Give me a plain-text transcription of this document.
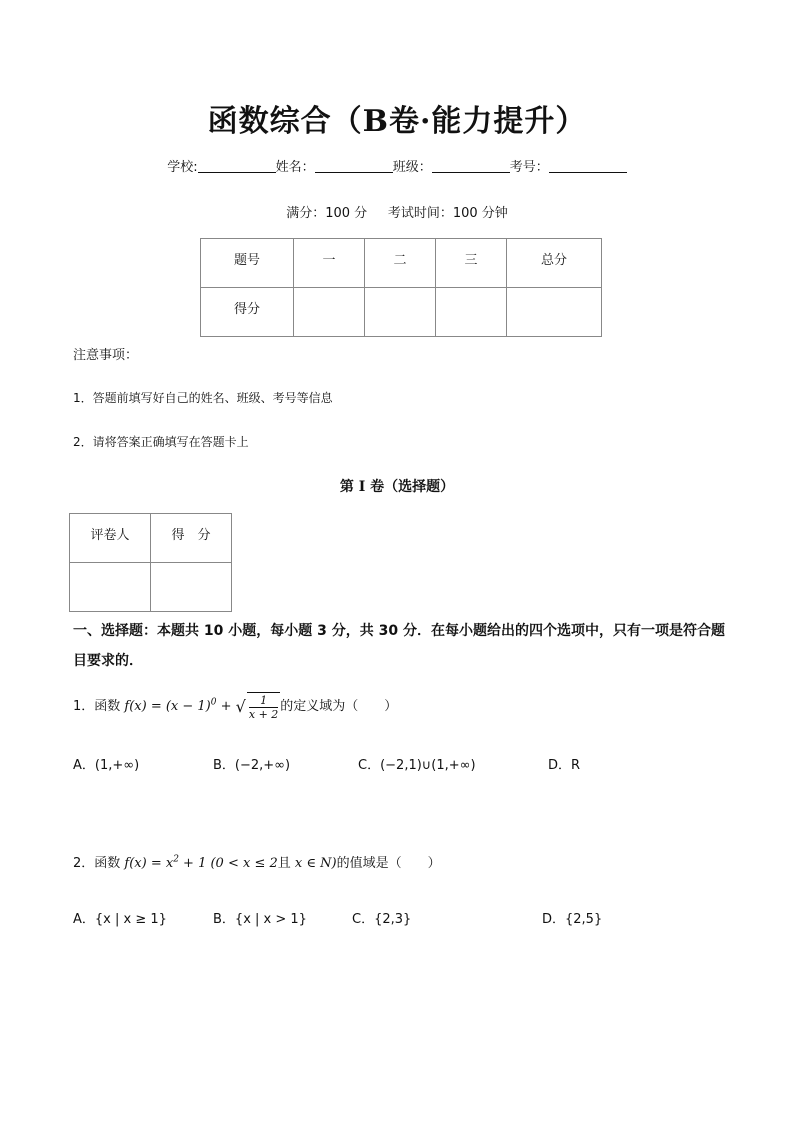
函数综合（B卷·能力提升）
学校:	姓名：	班级：	考号：
满分：100 分     考试时间：100 分钟
题号	一	二	三	总分
得分				
注意事项：
1．答题前填写好自己的姓名、班级、考号等信息
2．请将答案正确填写在答题卡上
第 I 卷（选择题）
评卷人	得　分

一、选择题：本题共 10 小题，每小题 3 分，共 30 分．在每小题给出的四个选项中，只有一项是符合题目要求的．
1．函数 $f(x) = (x - 1)^0$ + √ $\frac{1}{x + 2}$ 的定义域为（　　）
A．(1,+∞)	B．(−2,+∞)	C．(−2,1)∪(1,+∞)	D．R
2．函数 $f(x) = x^2 + 1$ (0 < x ≤ 2且 x ∈ N)的值域是（　　）
A．{x | x ≥ 1}	B．{x | x > 1}	C．{2,3}	D．{2,5}
